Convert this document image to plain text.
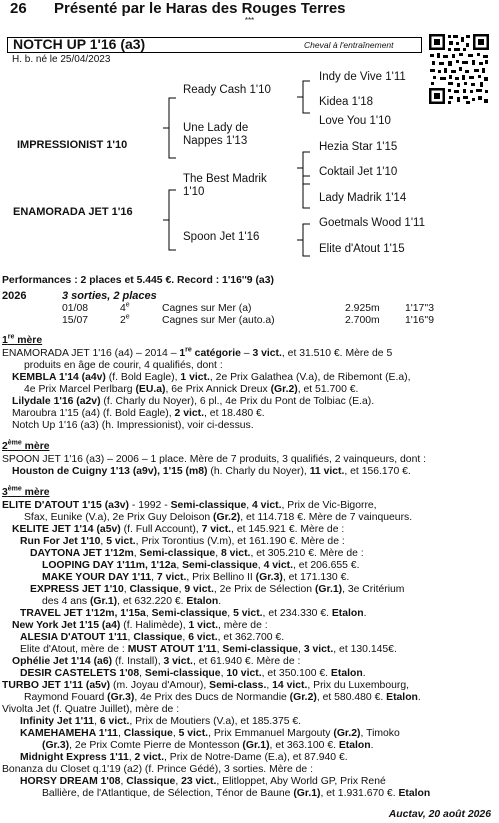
26 Présenté par le Haras des Rouges Terres
***
NOTCH UP 1'16 (a3)	Cheval à l'entraînement
H. b. né le 25/04/2023
IMPRESSIONIST 1'10
ENAMORADA JET 1'16
Ready Cash 1'10
Une Lady de
Nappes 1'13
The Best Madrik
1'10
Spoon Jet 1'16
Indy de Vive 1'11
Kidea 1'18
Love You 1'10
Hezia Star 1'15
Coktail Jet 1'10
Lady Madrik 1'14
Goetmals Wood 1'11
Elite d'Atout 1'15
Performances : 2 places et 5.445 €. Record : 1'16''9 (a3)
2026	3 sorties, 2 places
01/08	4e	Cagnes sur Mer (a)	2.925m	1'17''3
15/07	2e	Cagnes sur Mer (auto.a)	2.700m	1'16''9
1re mère
ENAMORADA JET 1'16 (a4) – 2014 – 1re catégorie – 3 vict., et 31.510 €. Mère de 5
produits en âge de courir, 4 qualifiés, dont :
KEMBLA 1'14 (a4v) (f. Bold Eagle), 1 vict., 2e Prix Galathea (V.a), de Ribemont (E.a),
4e Prix Marcel Perlbarg (EU.a), 6e Prix Annick Dreux (Gr.2), et 51.700 €.
Lilydale 1'16 (a2v) (f. Charly du Noyer), 6 pl., 4e Prix du Pont de Tolbiac (E.a).
Maroubra 1'15 (a4) (f. Bold Eagle), 2 vict., et 18.480 €.
Notch Up 1'16 (a3) (h. Impressionist), voir ci-dessus.
2ème mère
SPOON JET 1'16 (a3) – 2006 – 1 place. Mère de 7 produits, 3 qualifiés, 2 vainqueurs, dont :
Houston de Cuigny 1'13 (a9v), 1'15 (m8) (h. Charly du Noyer), 11 vict., et 156.170 €.
3ème mère
ELITE D'ATOUT 1'15 (a3v) - 1992 - Semi-classique, 4 vict., Prix de Vic-Bigorre,
Sfax, Eunike (V.a), 2e Prix Guy Deloison (Gr.2), et 114.718 €. Mère de 7 vainqueurs.
KELITE JET 1'14 (a5v) (f. Full Account), 7 vict., et 145.921 €. Mère de :
Run For Jet 1'10, 5 vict., Prix Torontius (V.m), et 161.190 €. Mère de :
DAYTONA JET 1'12m, Semi-classique, 8 vict., et 305.210 €. Mère de :
LOOPING DAY 1'11m, 1'12a, Semi-classique, 4 vict., et 206.655 €.
MAKE YOUR DAY 1'11, 7 vict., Prix Bellino II (Gr.3), et 171.130 €.
EXPRESS JET 1'10, Classique, 9 vict., 2e Prix de Sélection (Gr.1), 3e Critérium
des 4 ans (Gr.1), et 632.220 €. Etalon.
TRAVEL JET 1'12m, 1'15a, Semi-classique, 5 vict., et 234.330 €. Etalon.
New York Jet 1'15 (a4) (f. Halimède), 1 vict., mère de :
ALESIA D'ATOUT 1'11, Classique, 6 vict., et 362.700 €.
Elite d'Atout, mère de : MUST ATOUT 1'11, Semi-classique, 3 vict., et 130.145€.
Ophélie Jet 1'14 (a6) (f. Install), 3 vict., et 61.940 €. Mère de :
DESIR CASTELETS 1'08, Semi-classique, 10 vict., et 350.100 €. Etalon.
TURBO JET 1'11 (a5v) (m. Joyau d'Amour), Semi-class., 14 vict., Prix du Luxembourg,
Raymond Fouard (Gr.3), 4e Prix des Ducs de Normandie (Gr.2), et 580.480 €. Etalon.
Vivolta Jet (f. Quatre Juillet), mère de :
Infinity Jet 1'11, 6 vict., Prix de Moutiers (V.a), et 185.375 €.
KAMEHAMEHA 1'11, Classique, 5 vict., Prix Emmanuel Margouty (Gr.2), Timoko
(Gr.3), 2e Prix Comte Pierre de Montesson (Gr.1), et 363.100 €. Etalon.
Midnight Express 1'11, 2 vict., Prix de Notre-Dame (E.a), et 87.940 €.
Bonanza du Closet q.1'19 (a2) (f. Prince Gédé), 3 sorties. Mère de :
HORSY DREAM 1'08, Classique, 23 vict., Elitloppet, Aby World GP, Prix René
Ballière, de l'Atlantique, de Sélection, Ténor de Baune (Gr.1), et 1.931.670 €. Etalon
Auctav, 20 août 2026
